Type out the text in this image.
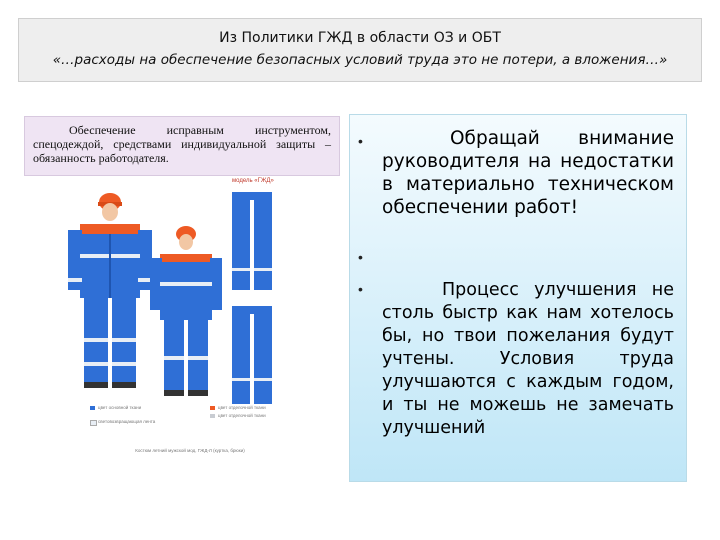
Из Политики ГЖД в области ОЗ и ОБТ
«…расходы на обеспечение безопасных условий труда это не потери, а вложения…»
Обеспечение исправным инструментом, спецодеждой, средствами индивидуальной защиты – обязанность работодателя.
модель «ГЖД»
цвет основной ткани	цвет отделочной ткани
цвет отделочной ткани
световозвращающая лента
Костюм летний мужской мод. ГЖД-Л (куртка, брюки)
•	Обращай внимание руководителя на недостатки в материально техническом обеспечении работ!
•
•	Процесс улучшения не столь быстр как нам хотелось бы, но твои пожелания будут учтены. Условия труда улучшаются с каждым годом, и ты не можешь не замечать улучшений
